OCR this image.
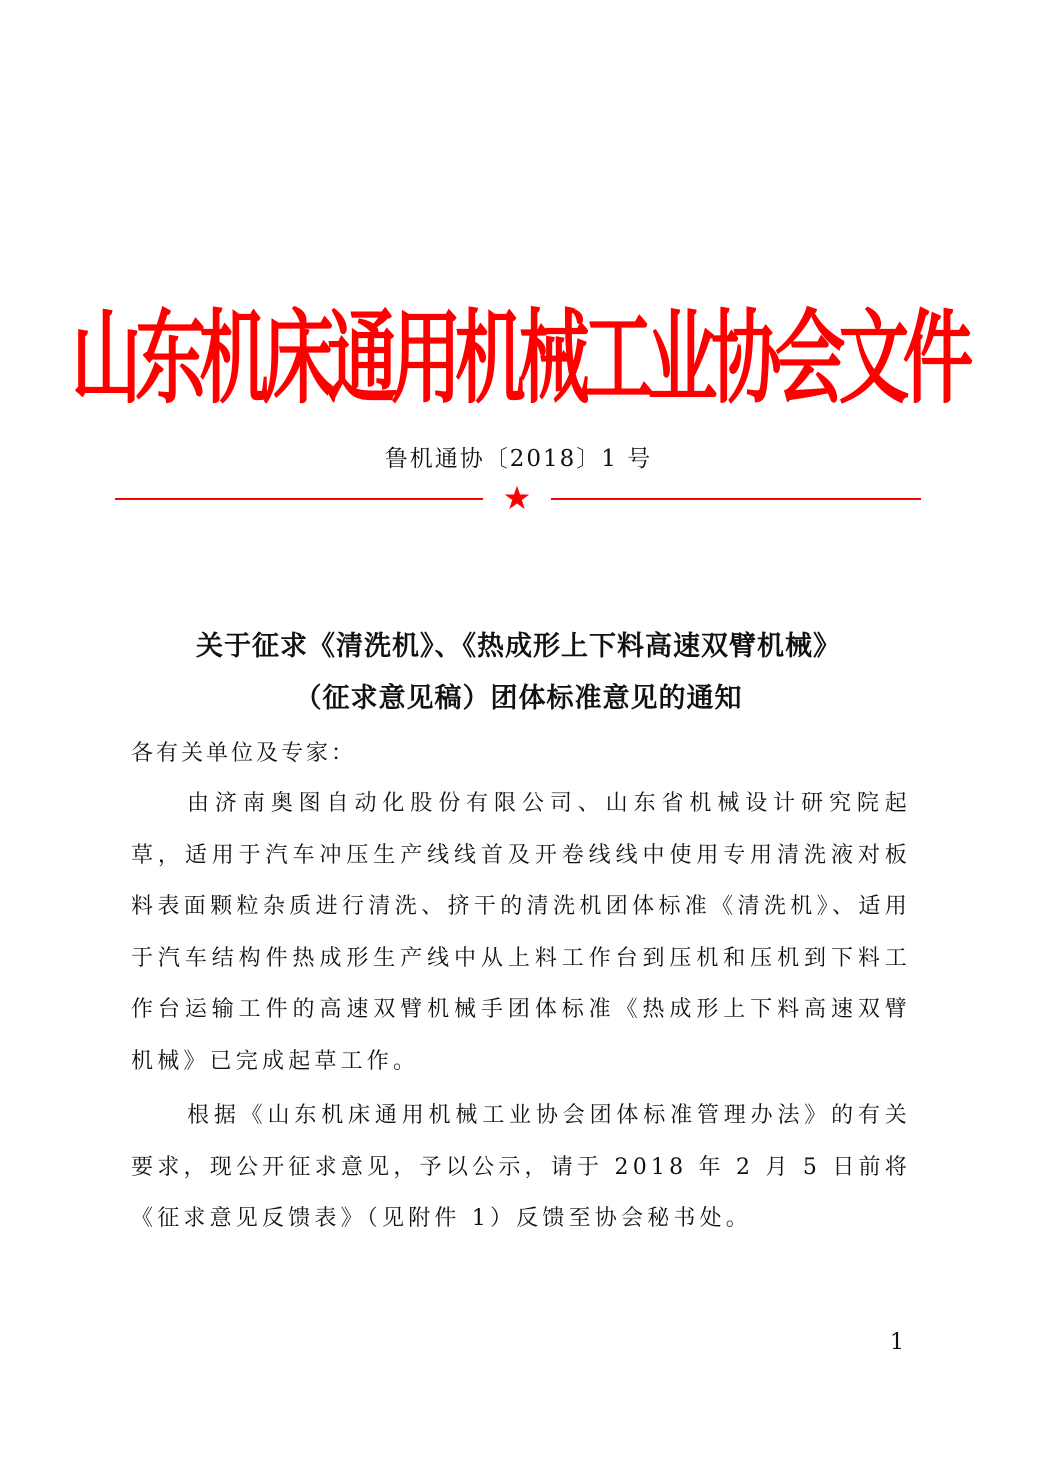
山东机床通用机械工业协会文件
鲁机通协〔2018〕1 号
关于征求《清洗机》、《热成形上下料高速双臂机械》
（征求意见稿）团体标准意见的通知
各有关单位及专家：

由济南奥图自动化股份有限公司、山东省机械设计研究院起草，适用于汽车冲压生产线线首及开卷线线中使用专用清洗液对板料表面颗粒杂质进行清洗、挤干的清洗机团体标准《清洗机》、适用于汽车结构件热成形生产线中从上料工作台到压机和压机到下料工作台运输工件的高速双臂机械手团体标准《热成形上下料高速双臂机械》已完成起草工作。

根据《山东机床通用机械工业协会团体标准管理办法》的有关要求，现公开征求意见，予以公示，请于 2018 年 2 月 5 日前将《征求意见反馈表》（见附件 1）反馈至协会秘书处。

1
